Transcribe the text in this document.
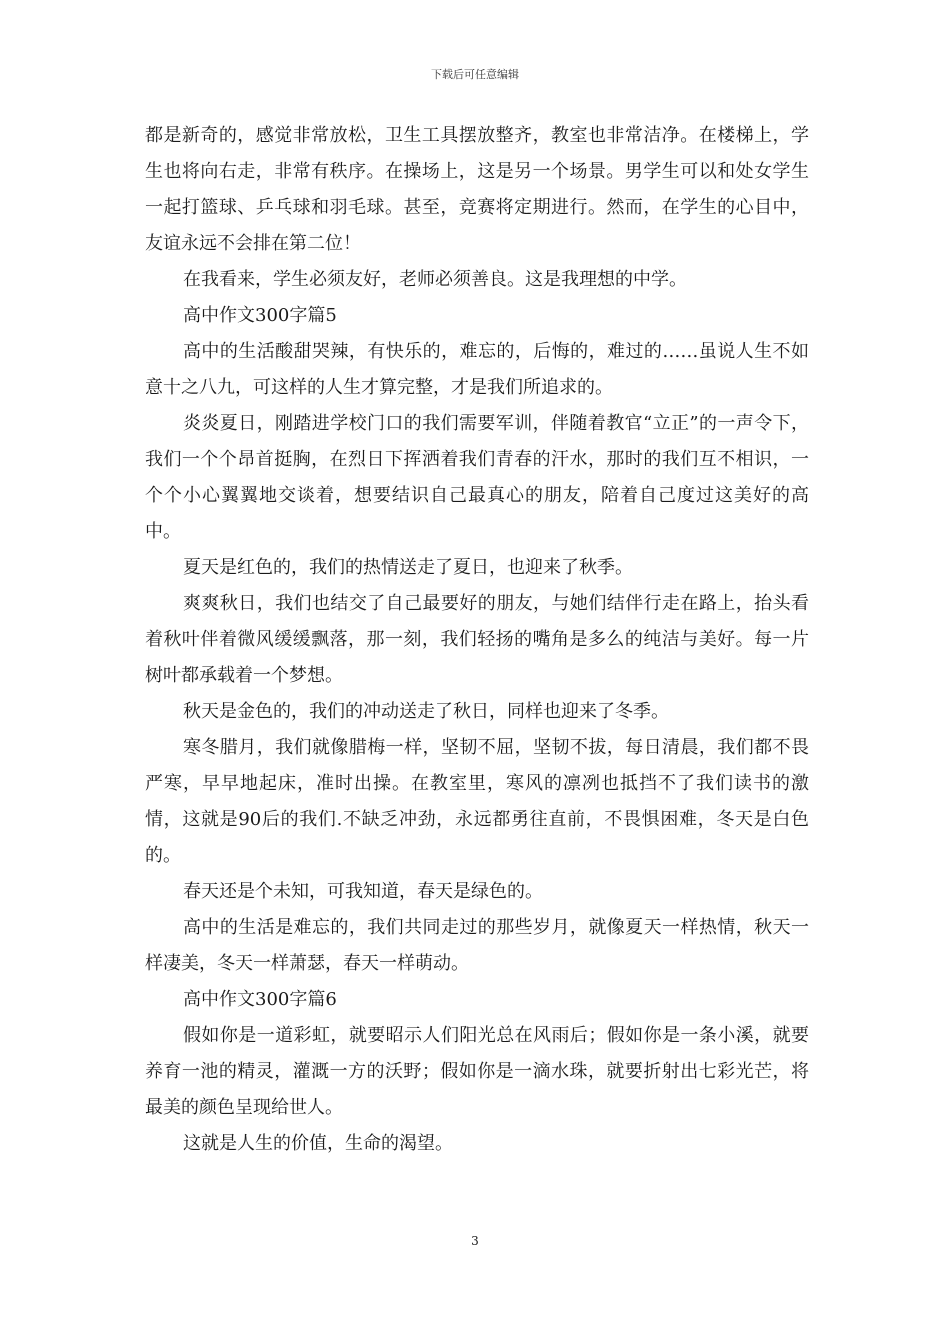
下载后可任意编辑

都是新奇的，感觉非常放松，卫生工具摆放整齐，教室也非常洁净。在楼梯上，学生也将向右走，非常有秩序。在操场上，这是另一个场景。男学生可以和处女学生一起打篮球、乒乓球和羽毛球。甚至，竞赛将定期进行。然而，在学生的心目中，友谊永远不会排在第二位！

在我看来，学生必须友好，老师必须善良。这是我理想的中学。

高中作文300字篇5

高中的生活酸甜哭辣，有快乐的，难忘的，后悔的，难过的……虽说人生不如意十之八九，可这样的人生才算完整，才是我们所追求的。

炎炎夏日，刚踏进学校门口的我们需要军训，伴随着教官“立正”的一声令下，我们一个个昂首挺胸，在烈日下挥洒着我们青春的汗水，那时的我们互不相识，一个个小心翼翼地交谈着，想要结识自己最真心的朋友，陪着自己度过这美好的高中。

夏天是红色的，我们的热情送走了夏日，也迎来了秋季。

爽爽秋日，我们也结交了自己最要好的朋友，与她们结伴行走在路上，抬头看着秋叶伴着微风缓缓飘落，那一刻，我们轻扬的嘴角是多么的纯洁与美好。每一片树叶都承载着一个梦想。

秋天是金色的，我们的冲动送走了秋日，同样也迎来了冬季。

寒冬腊月，我们就像腊梅一样，坚韧不屈，坚韧不拔，每日清晨，我们都不畏严寒，早早地起床，准时出操。在教室里，寒风的凛冽也抵挡不了我们读书的激情，这就是90后的我们.不缺乏冲劲，永远都勇往直前，不畏惧困难，冬天是白色的。

春天还是个未知，可我知道，春天是绿色的。

高中的生活是难忘的，我们共同走过的那些岁月，就像夏天一样热情，秋天一样凄美，冬天一样萧瑟，春天一样萌动。

高中作文300字篇6

假如你是一道彩虹，就要昭示人们阳光总在风雨后；假如你是一条小溪，就要养育一池的精灵，灌溉一方的沃野；假如你是一滴水珠，就要折射出七彩光芒，将最美的颜色呈现给世人。

这就是人生的价值，生命的渴望。

3
